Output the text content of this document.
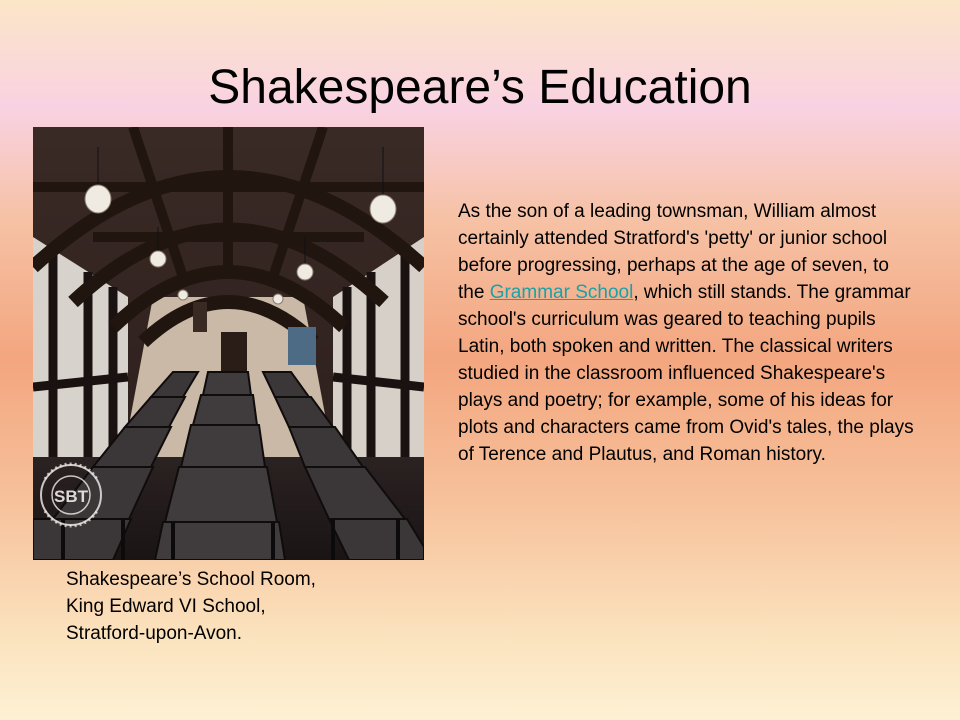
Shakespeare’s Education
SBT
Shakespeare’s School Room,
King Edward VI School,
Stratford-upon-Avon.

As the son of a leading townsman, William almost certainly attended Stratford's 'petty' or junior school before progressing, perhaps at the age of seven, to the Grammar School, which still stands. The grammar school's curriculum was geared to teaching pupils Latin, both spoken and written. The classical writers studied in the classroom influenced Shakespeare's plays and poetry; for example, some of his ideas for plots and characters came from Ovid's tales, the plays of Terence and Plautus, and Roman history.
